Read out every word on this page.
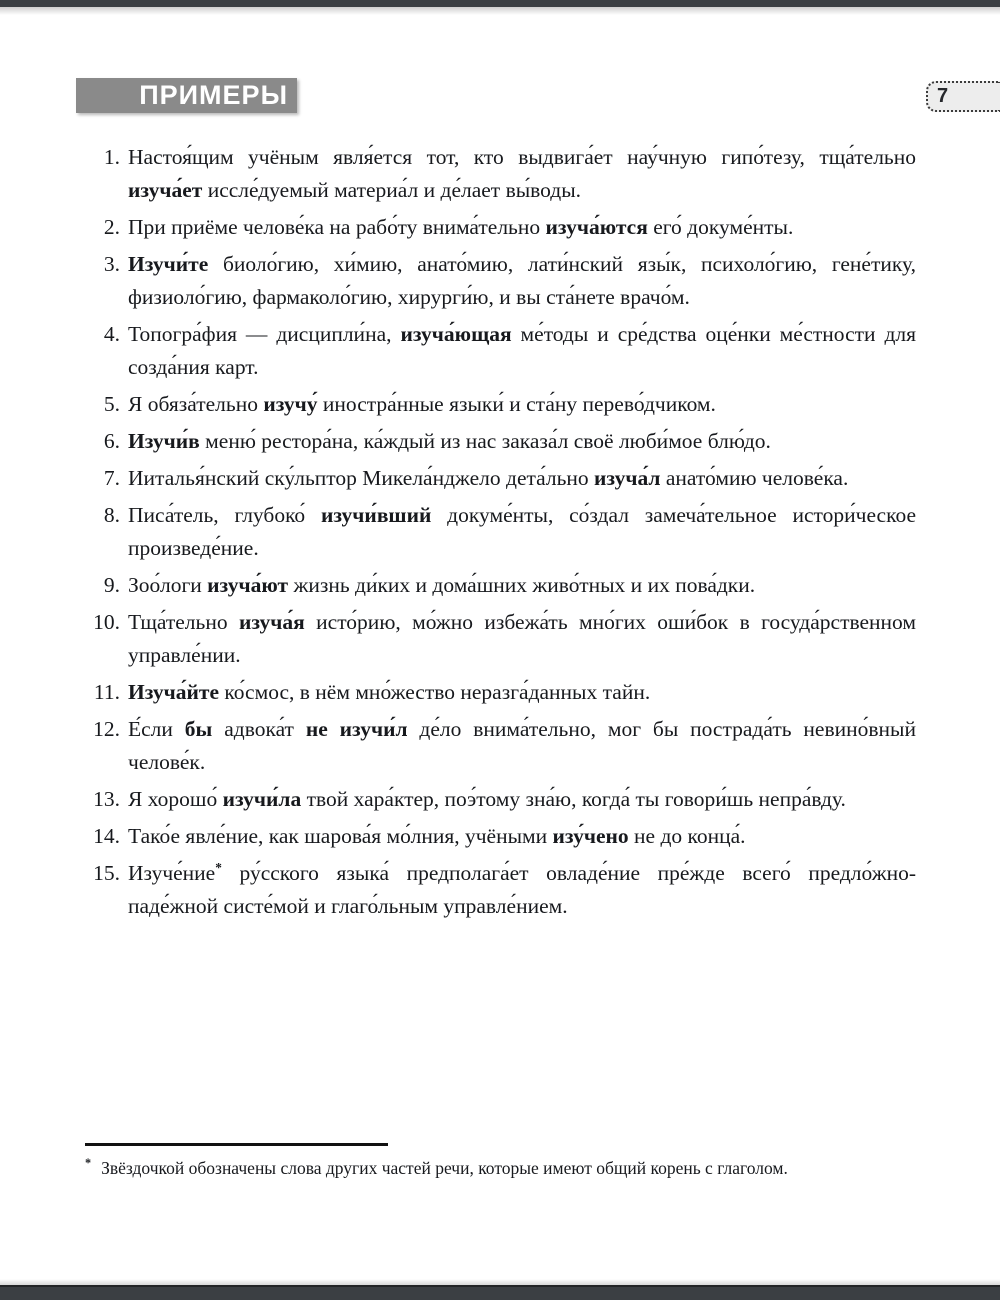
ПРИМЕРЫ	7
1. Настоя́щим учёным явля́ется тот, кто выдвига́ет нау́чную гипо́тезу, тща́тельно изуча́ет иссле́дуемый материа́л и де́лает вы́воды.
2. При приёме челове́ка на рабо́ту внима́тельно изуча́ются его́ докуме́нты.
3. Изучи́те биоло́гию, хи́мию, анато́мию, лати́нский язы́к, психоло́гию, гене́тику, физиоло́гию, фармаколо́гию, хирурги́ю, и вы ста́нете врачо́м.
4. Топогра́фия — дисципли́на, изуча́ющая ме́тоды и сре́дства оце́нки ме́стности для созда́ния карт.
5. Я обяза́тельно изучу́ иностра́нные языки́ и ста́ну перево́дчиком.
6. Изучи́в меню́ рестора́на, ка́ждый из нас заказа́л своё люби́мое блю́до.
7. Ииталья́нский ску́льптор Микела́нджело дета́льно изуча́л анато́мию челове́ка.
8. Писа́тель, глубоко́ изучи́вший докуме́нты, со́здал замеча́тельное истори́ческое произведе́ние.
9. Зоо́логи изуча́ют жизнь ди́ких и дома́шних живо́тных и их пова́дки.
10. Тща́тельно изуча́я исто́рию, мо́жно избежа́ть мно́гих оши́бок в госуда́рственном управле́нии.
11. Изуча́йте ко́смос, в нём мно́жество неразга́данных тайн.
12. Е́сли бы адвока́т не изучи́л де́ло внима́тельно, мог бы пострада́ть невино́вный челове́к.
13. Я хорошо́ изучи́ла твой хара́ктер, поэ́тому зна́ю, когда́ ты говори́шь непра́вду.
14. Тако́е явле́ние, как шарова́я мо́лния, учёными изу́чено не до конца́.
15. Изуче́ние* ру́сского языка́ предполага́ет овладе́ние пре́жде всего́ предло́жно-паде́жной систе́мой и глаго́льным управле́нием.
* Звёздочкой обозначены слова других частей речи, которые имеют общий корень с глаголом.
